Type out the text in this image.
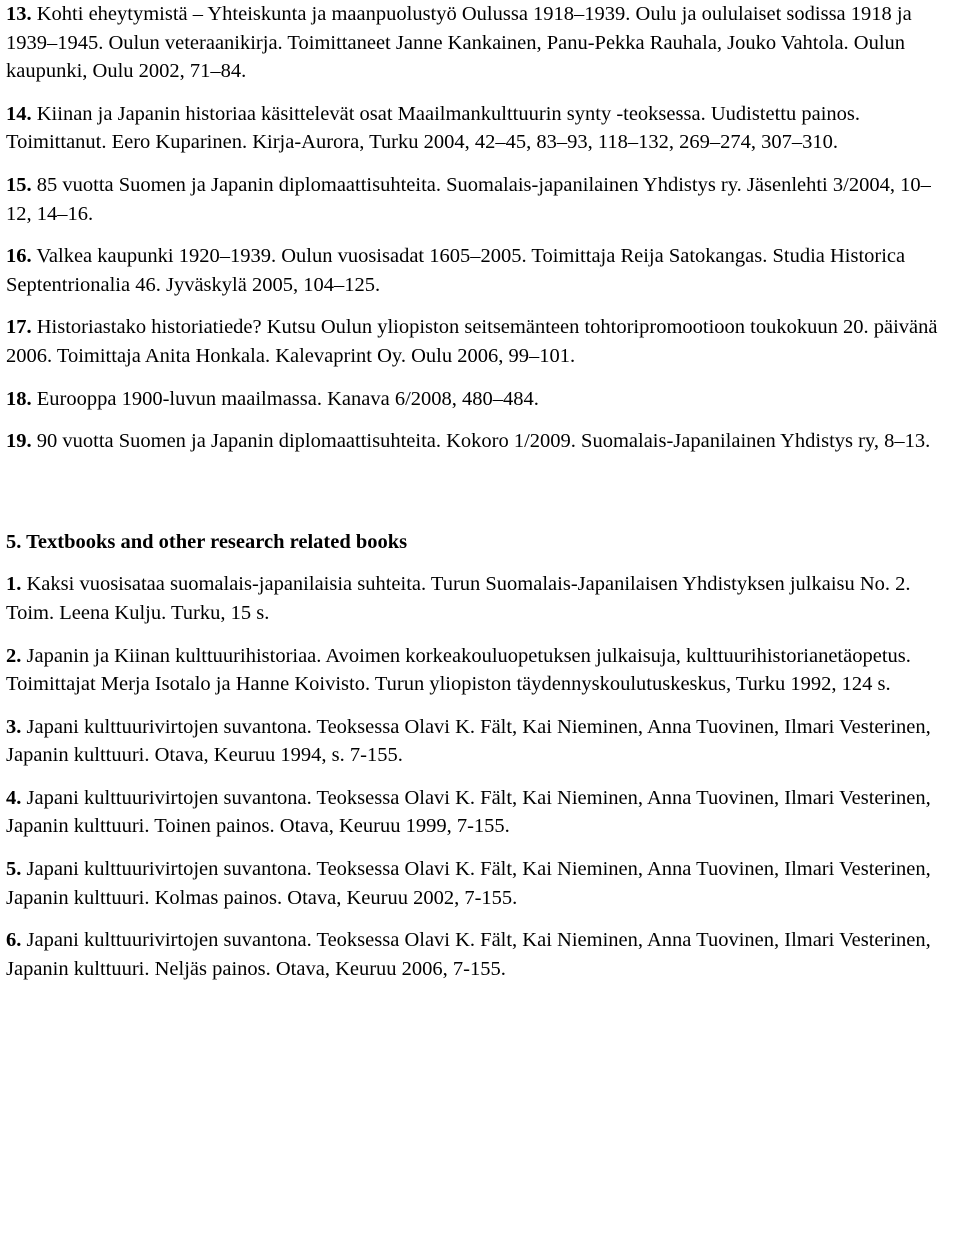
13. Kohti eheytymistä – Yhteiskunta ja maanpuolustyö Oulussa 1918–1939. Oulu ja oululaiset sodissa 1918 ja 1939–1945. Oulun veteraanikirja. Toimittaneet Janne Kankainen, Panu-Pekka Rauhala, Jouko Vahtola. Oulun kaupunki, Oulu 2002, 71–84.

14. Kiinan ja Japanin historiaa käsittelevät osat Maailmankulttuurin synty -teoksessa. Uudistettu painos. Toimittanut. Eero Kuparinen. Kirja-Aurora, Turku 2004, 42–45, 83–93, 118–132, 269–274, 307–310.

15. 85 vuotta Suomen ja Japanin diplomaattisuhteita. Suomalais-japanilainen Yhdistys ry. Jäsenlehti 3/2004, 10–12, 14–16.

16. Valkea kaupunki 1920–1939. Oulun vuosisadat 1605–2005. Toimittaja Reija Satokangas. Studia Historica Septentrionalia 46. Jyväskylä 2005, 104–125.

17. Historiastako historiatiede? Kutsu Oulun yliopiston seitsemänteen tohtoripromootioon toukokuun 20. päivänä 2006. Toimittaja Anita Honkala. Kalevaprint Oy. Oulu 2006, 99–101.

18. Eurooppa 1900-luvun maailmassa. Kanava 6/2008, 480–484.

19. 90 vuotta Suomen ja Japanin diplomaattisuhteita. Kokoro 1/2009. Suomalais-Japanilainen Yhdistys ry, 8–13.

5. Textbooks and other research related books

1. Kaksi vuosisataa suomalais-japanilaisia suhteita. Turun Suomalais-Japanilaisen Yhdistyksen julkaisu No. 2. Toim. Leena Kulju. Turku, 15 s.

2. Japanin ja Kiinan kulttuurihistoriaa. Avoimen korkeakouluopetuksen julkaisuja, kulttuurihistorianetäopetus. Toimittajat Merja Isotalo ja Hanne Koivisto. Turun yliopiston täydennyskoulutuskeskus, Turku 1992, 124 s.

3. Japani kulttuurivirtojen suvantona. Teoksessa Olavi K. Fält, Kai Nieminen, Anna Tuovinen, Ilmari Vesterinen, Japanin kulttuuri. Otava, Keuruu 1994, s. 7-155.

4. Japani kulttuurivirtojen suvantona. Teoksessa Olavi K. Fält, Kai Nieminen, Anna Tuovinen, Ilmari Vesterinen, Japanin kulttuuri. Toinen painos. Otava, Keuruu 1999, 7-155.

5. Japani kulttuurivirtojen suvantona. Teoksessa Olavi K. Fält, Kai Nieminen, Anna Tuovinen, Ilmari Vesterinen, Japanin kulttuuri. Kolmas painos. Otava, Keuruu 2002, 7-155.

6. Japani kulttuurivirtojen suvantona. Teoksessa Olavi K. Fält, Kai Nieminen, Anna Tuovinen, Ilmari Vesterinen, Japanin kulttuuri. Neljäs painos. Otava, Keuruu 2006, 7-155.
